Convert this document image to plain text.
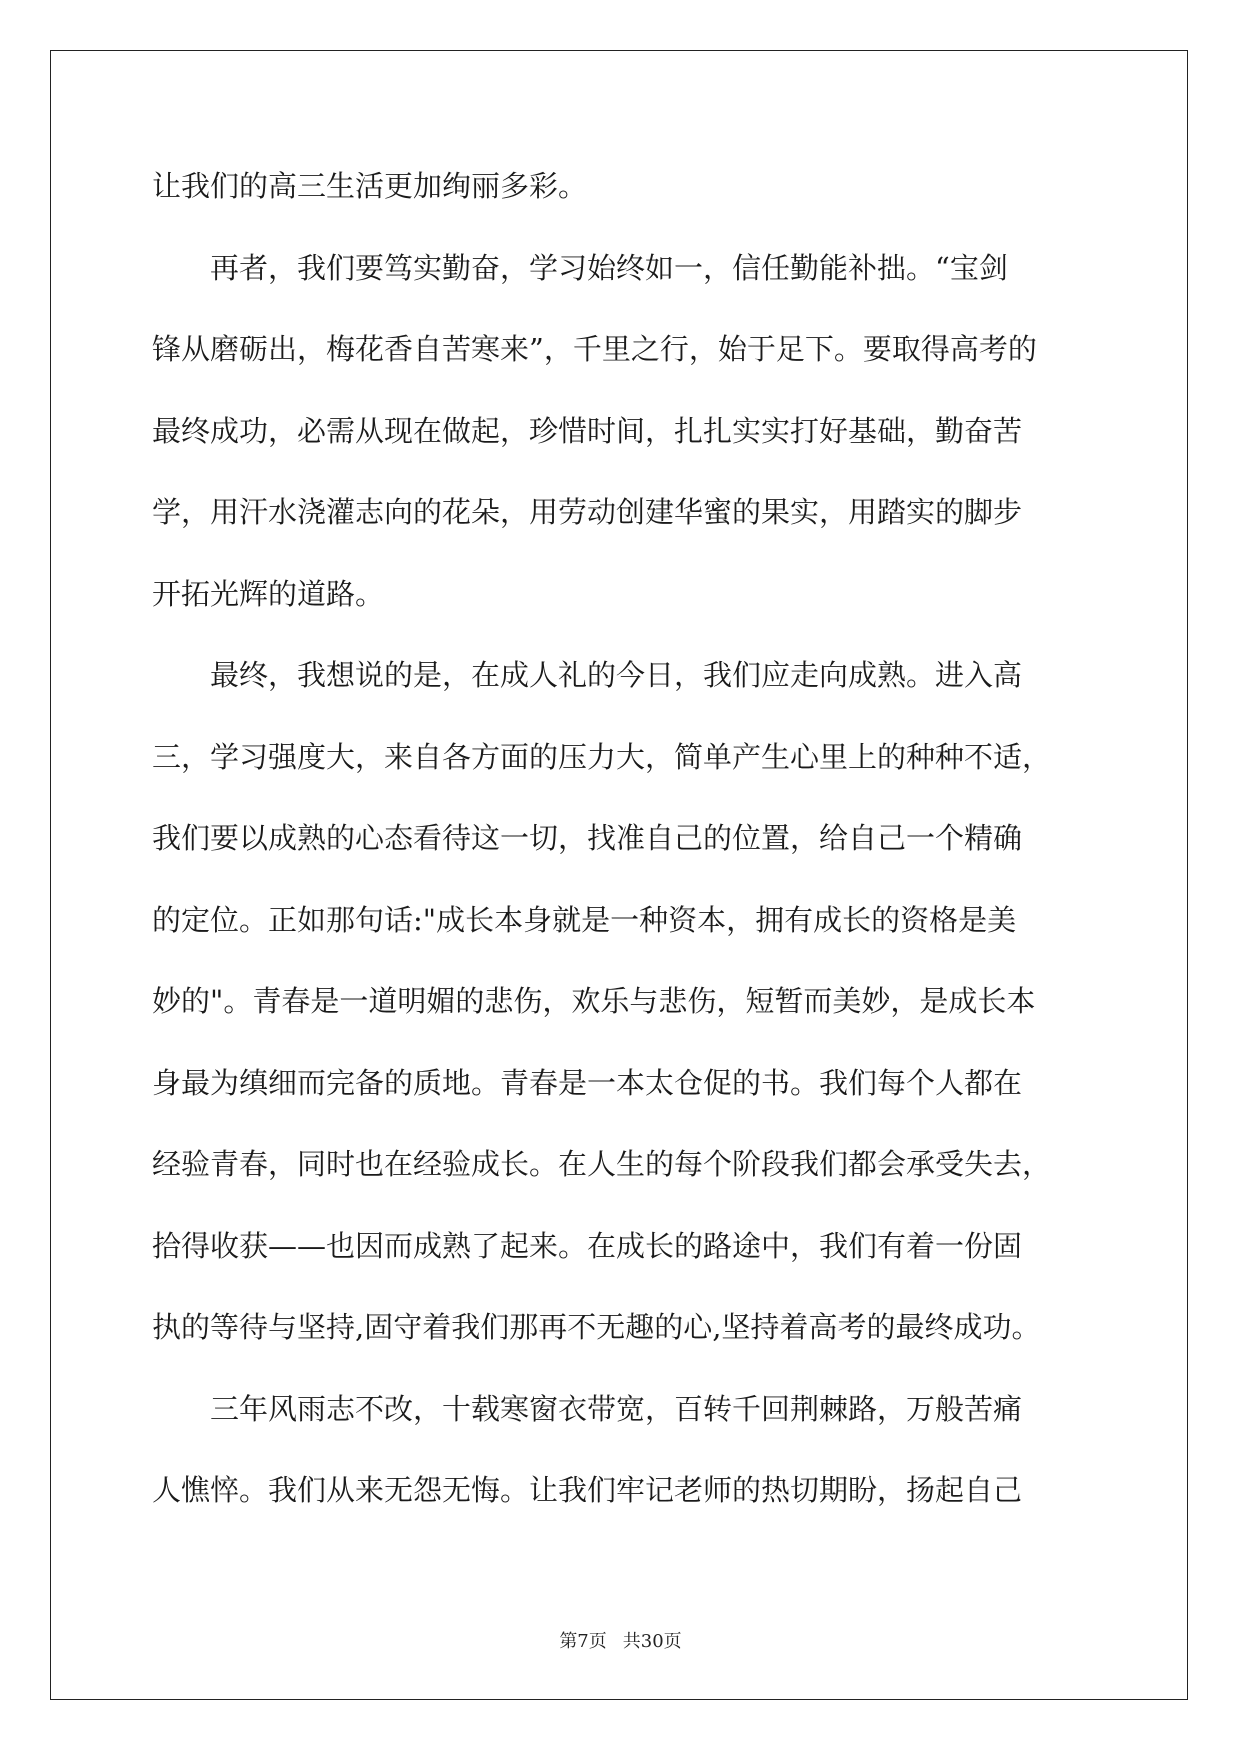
让我们的高三生活更加绚丽多彩。
　　再者，我们要笃实勤奋，学习始终如一，信任勤能补拙。“宝剑
锋从磨砺出，梅花香自苦寒来”，千里之行，始于足下。要取得高考的
最终成功，必需从现在做起，珍惜时间，扎扎实实打好基础，勤奋苦
学，用汗水浇灌志向的花朵，用劳动创建华蜜的果实，用踏实的脚步
开拓光辉的道路。
　　最终，我想说的是，在成人礼的今日，我们应走向成熟。进入高
三，学习强度大，来自各方面的压力大，简单产生心里上的种种不适，
我们要以成熟的心态看待这一切，找准自己的位置，给自己一个精确
的定位。正如那句话:"成长本身就是一种资本，拥有成长的资格是美
妙的"。青春是一道明媚的悲伤，欢乐与悲伤，短暂而美妙，是成长本
身最为缜细而完备的质地。青春是一本太仓促的书。我们每个人都在
经验青春，同时也在经验成长。在人生的每个阶段我们都会承受失去，
拾得收获——也因而成熟了起来。在成长的路途中，我们有着一份固
执的等待与坚持,固守着我们那再不无趣的心,坚持着高考的最终成功。
　　三年风雨志不改，十载寒窗衣带宽，百转千回荆棘路，万般苦痛
人憔悴。我们从来无怨无悔。让我们牢记老师的热切期盼，扬起自己
第7页 共30页
